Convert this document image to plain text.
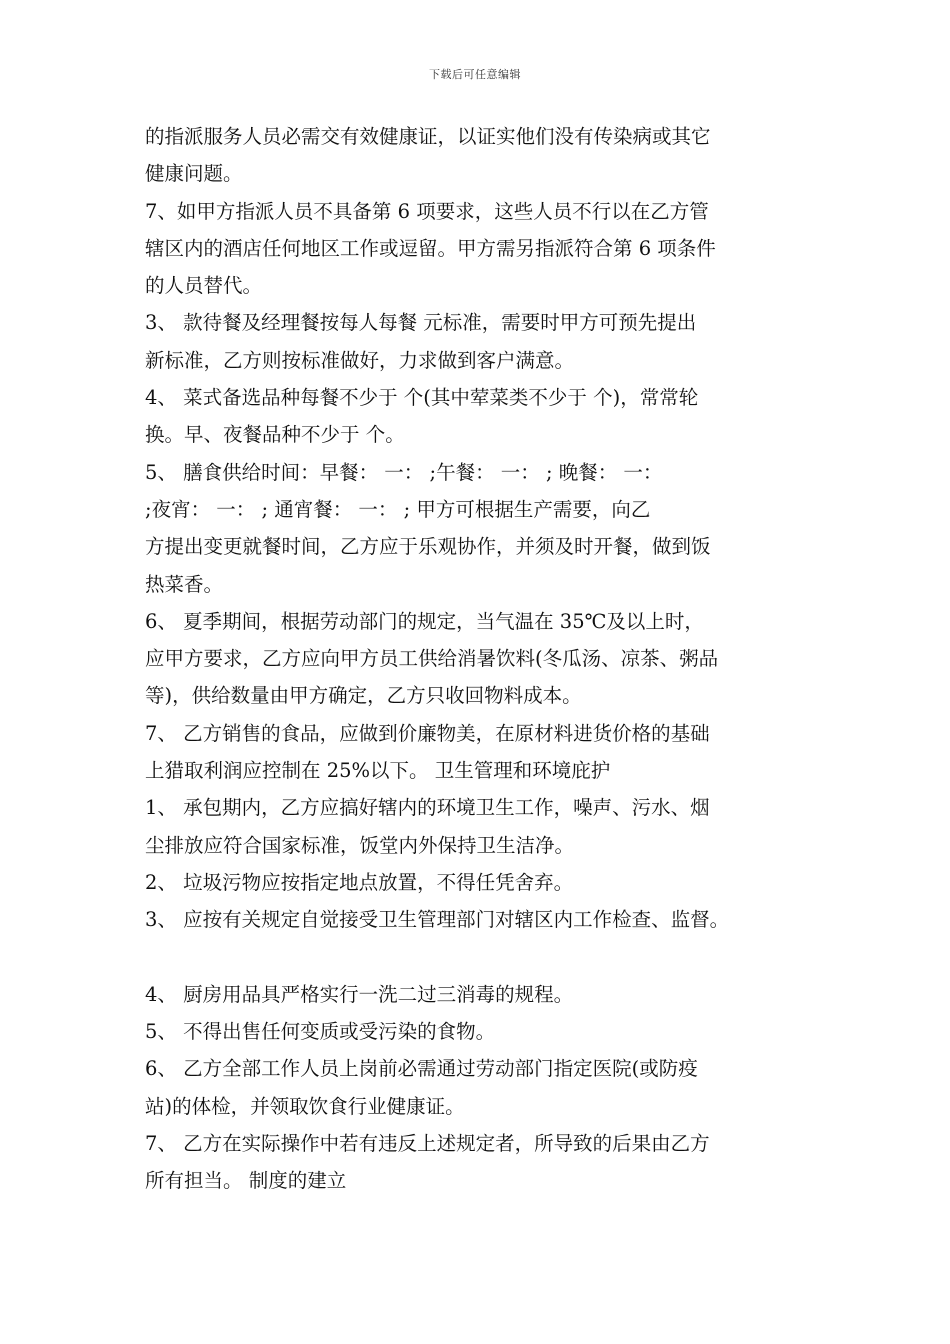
下载后可任意编辑
的指派服务人员必需交有效健康证，以证实他们没有传染病或其它
健康问题。
7、如甲方指派人员不具备第 6 项要求，这些人员不行以在乙方管
辖区内的酒店任何地区工作或逗留。甲方需另指派符合第 6 项条件
的人员替代。
3、 款待餐及经理餐按每人每餐 元标准，需要时甲方可预先提出
新标准，乙方则按标准做好，力求做到客户满意。
4、 菜式备选品种每餐不少于 个(其中荤菜类不少于 个)，常常轮
换。早、夜餐品种不少于 个。
5、 膳食供给时间：早餐： 一： ;午餐： 一： ; 晚餐： 一：
;夜宵： 一： ; 通宵餐： 一： ; 甲方可根据生产需要，向乙
方提出变更就餐时间，乙方应于乐观协作，并须及时开餐，做到饭
热菜香。
6、 夏季期间，根据劳动部门的规定，当气温在 35℃及以上时，
应甲方要求，乙方应向甲方员工供给消暑饮料(冬瓜汤、凉茶、粥品
等)，供给数量由甲方确定，乙方只收回物料成本。
7、 乙方销售的食品，应做到价廉物美，在原材料进货价格的基础
上猎取利润应控制在 25%以下。 卫生管理和环境庇护
1、 承包期内，乙方应搞好辖内的环境卫生工作，噪声、污水、烟
尘排放应符合国家标准，饭堂内外保持卫生洁净。
2、 垃圾污物应按指定地点放置，不得任凭舍弃。
3、 应按有关规定自觉接受卫生管理部门对辖区内工作检查、监督。
4、 厨房用品具严格实行一洗二过三消毒的规程。
5、 不得出售任何变质或受污染的食物。
6、 乙方全部工作人员上岗前必需通过劳动部门指定医院(或防疫
站)的体检，并领取饮食行业健康证。
7、 乙方在实际操作中若有违反上述规定者，所导致的后果由乙方
所有担当。 制度的建立
